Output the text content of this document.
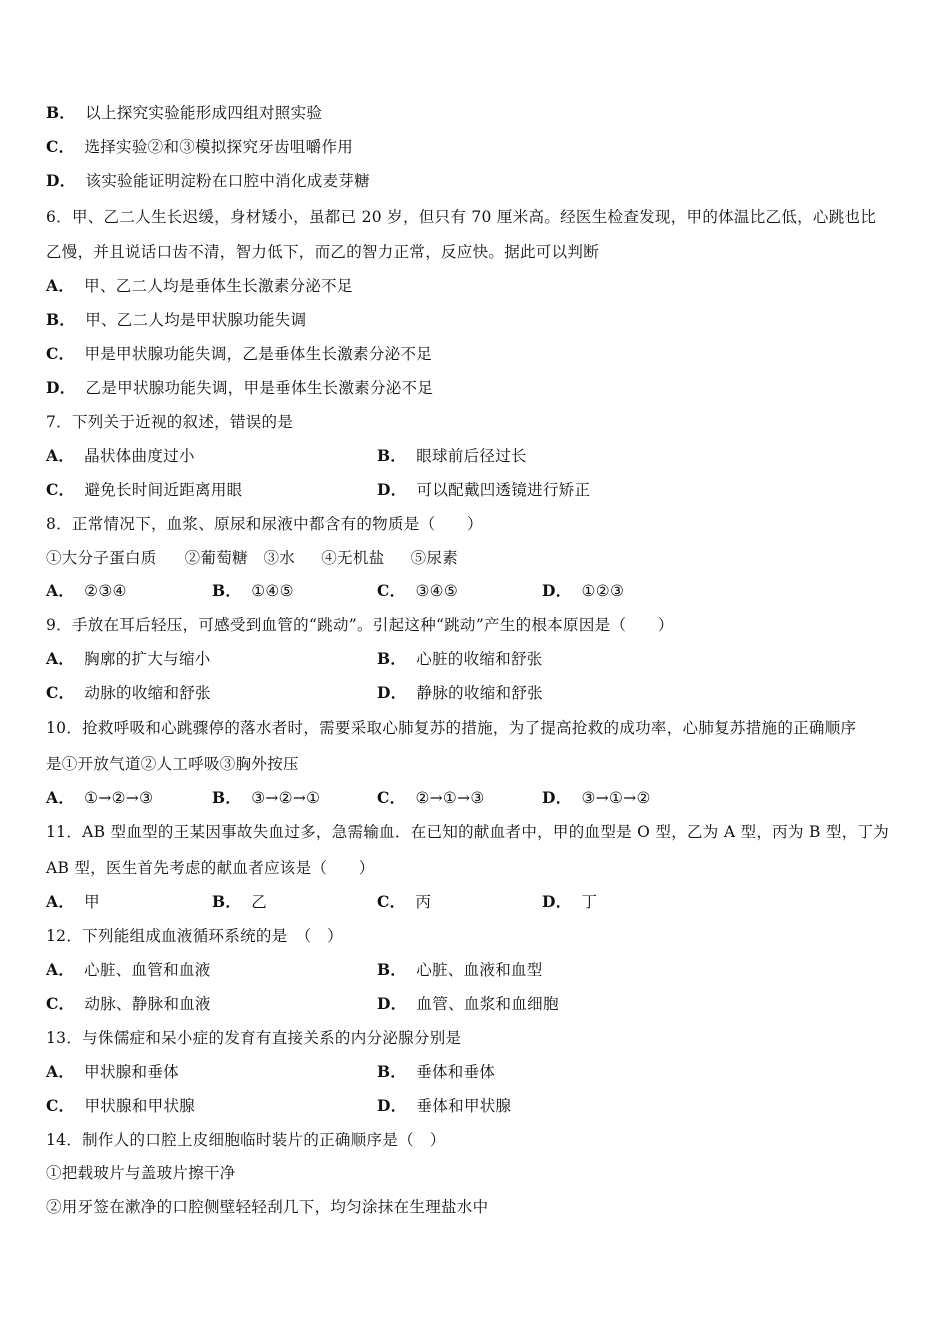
B． 以上探究实验能形成四组对照实验
C． 选择实验②和③模拟探究牙齿咀嚼作用
D． 该实验能证明淀粉在口腔中消化成麦芽糖
6．甲、乙二人生长迟缓，身材矮小，虽都已 20 岁，但只有 70 厘米高。经医生检查发现，甲的体温比乙低，心跳也比
乙慢，并且说话口齿不清，智力低下，而乙的智力正常，反应快。据此可以判断
A． 甲、乙二人均是垂体生长激素分泌不足
B． 甲、乙二人均是甲状腺功能失调
C． 甲是甲状腺功能失调，乙是垂体生长激素分泌不足
D． 乙是甲状腺功能失调，甲是垂体生长激素分泌不足
7．下列关于近视的叙述，错误的是
A． 晶状体曲度过小	B． 眼球前后径过长
C． 避免长时间近距离用眼	D． 可以配戴凹透镜进行矫正
8．正常情况下，血浆、原尿和尿液中都含有的物质是（　　）
①大分子蛋白质 ②葡萄糖 ③水 ④无机盐 ⑤尿素
A． ②③④	B． ①④⑤	C． ③④⑤	D． ①②③
9．手放在耳后轻压，可感受到血管的“跳动”。引起这种“跳动”产生的根本原因是（　　）
A． 胸廓的扩大与缩小	B． 心脏的收缩和舒张
C． 动脉的收缩和舒张	D． 静脉的收缩和舒张
10．抢救呼吸和心跳骤停的落水者时，需要采取心肺复苏的措施，为了提高抢救的成功率，心肺复苏措施的正确顺序
是①开放气道②人工呼吸③胸外按压
A． ①→②→③	B． ③→②→①	C． ②→①→③	D． ③→①→②
11．AB 型血型的王某因事故失血过多，急需输血．在已知的献血者中，甲的血型是 O 型，乙为 A 型，丙为 B 型，丁为
AB 型，医生首先考虑的献血者应该是（　　）
A． 甲	B． 乙	C． 丙	D． 丁
12．下列能组成血液循环系统的是　（　）
A． 心脏、血管和血液	B． 心脏、血液和血型
C． 动脉、静脉和血液	D． 血管、血浆和血细胞
13．与侏儒症和呆小症的发育有直接关系的内分泌腺分别是
A． 甲状腺和垂体	B． 垂体和垂体
C． 甲状腺和甲状腺	D． 垂体和甲状腺
14．制作人的口腔上皮细胞临时装片的正确顺序是（　）
①把载玻片与盖玻片擦干净
②用牙签在漱净的口腔侧壁轻轻刮几下，均匀涂抹在生理盐水中
